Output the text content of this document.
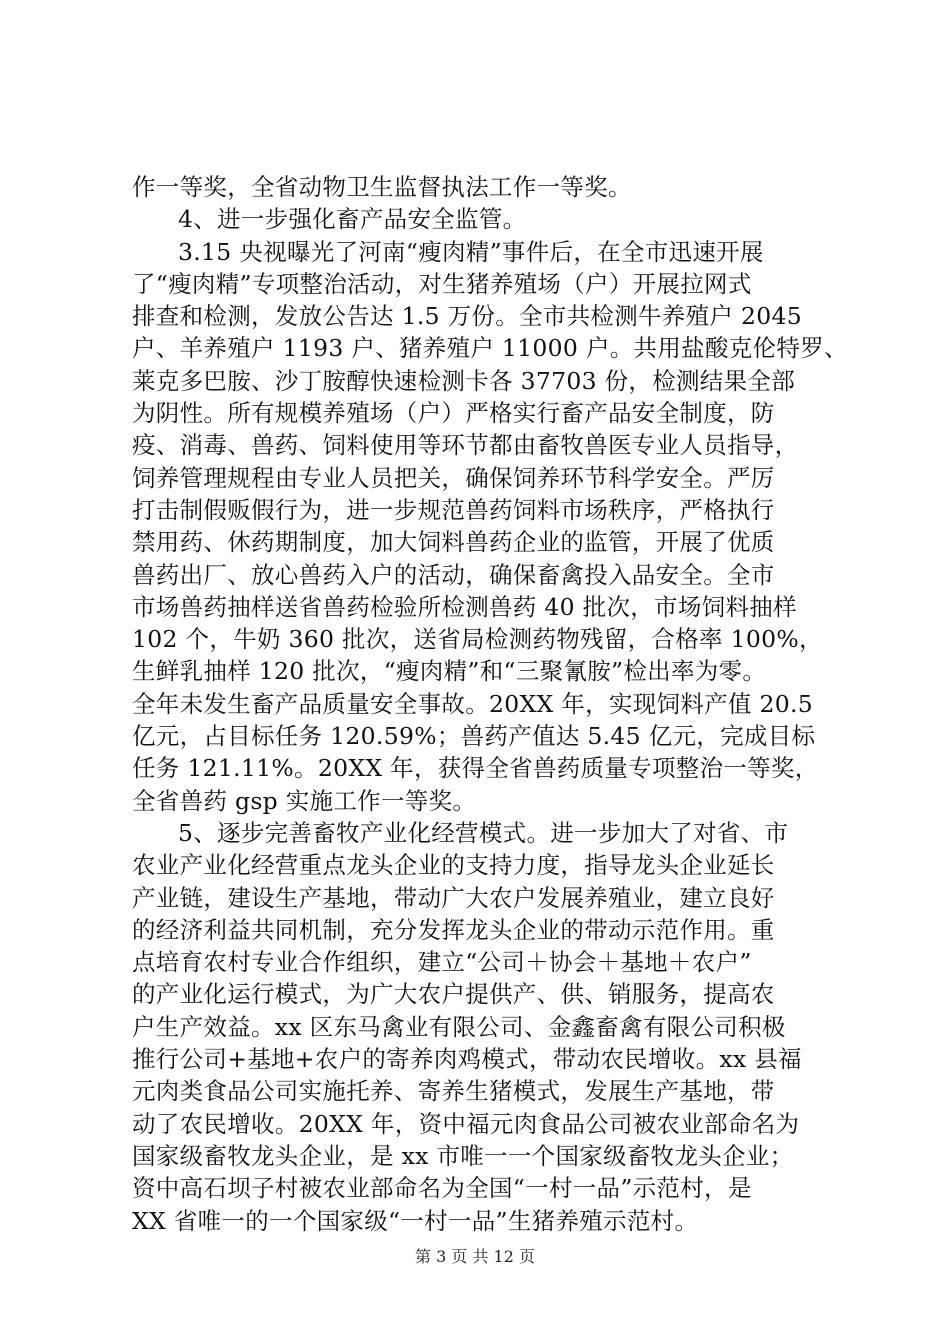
作一等奖，全省动物卫生监督执法工作一等奖。
4、进一步强化畜产品安全监管。
3.15 央视曝光了河南“瘦肉精”事件后，在全市迅速开展
了“瘦肉精”专项整治活动，对生猪养殖场（户）开展拉网式
排查和检测，发放公告达 1.5 万份。全市共检测牛养殖户 2045
户、羊养殖户 1193 户、猪养殖户 11000 户。共用盐酸克伦特罗、
莱克多巴胺、沙丁胺醇快速检测卡各 37703 份，检测结果全部
为阴性。所有规模养殖场（户）严格实行畜产品安全制度，防
疫、消毒、兽药、饲料使用等环节都由畜牧兽医专业人员指导，
饲养管理规程由专业人员把关，确保饲养环节科学安全。严厉
打击制假贩假行为，进一步规范兽药饲料市场秩序，严格执行
禁用药、休药期制度，加大饲料兽药企业的监管，开展了优质
兽药出厂、放心兽药入户的活动，确保畜禽投入品安全。全市
市场兽药抽样送省兽药检验所检测兽药 40 批次，市场饲料抽样
102 个，牛奶 360 批次，送省局检测药物残留，合格率 100%，
生鲜乳抽样 120 批次，“瘦肉精”和“三聚氰胺”检出率为零。
全年未发生畜产品质量安全事故。20XX 年，实现饲料产值 20.5
亿元，占目标任务 120.59%；兽药产值达 5.45 亿元，完成目标
任务 121.11%。20XX 年，获得全省兽药质量专项整治一等奖，
全省兽药 gsp 实施工作一等奖。
5、逐步完善畜牧产业化经营模式。进一步加大了对省、市
农业产业化经营重点龙头企业的支持力度，指导龙头企业延长
产业链，建设生产基地，带动广大农户发展养殖业，建立良好
的经济利益共同机制，充分发挥龙头企业的带动示范作用。重
点培育农村专业合作组织，建立“公司＋协会＋基地＋农户”
的产业化运行模式，为广大农户提供产、供、销服务，提高农
户生产效益。xx 区东马禽业有限公司、金鑫畜禽有限公司积极
推行公司+基地+农户的寄养肉鸡模式，带动农民增收。xx 县福
元肉类食品公司实施托养、寄养生猪模式，发展生产基地，带
动了农民增收。20XX 年，资中福元肉食品公司被农业部命名为
国家级畜牧龙头企业，是 xx 市唯一一个国家级畜牧龙头企业；
资中高石坝子村被农业部命名为全国“一村一品”示范村，是
XX 省唯一的一个国家级“一村一品”生猪养殖示范村。
第 3 页 共 12 页
